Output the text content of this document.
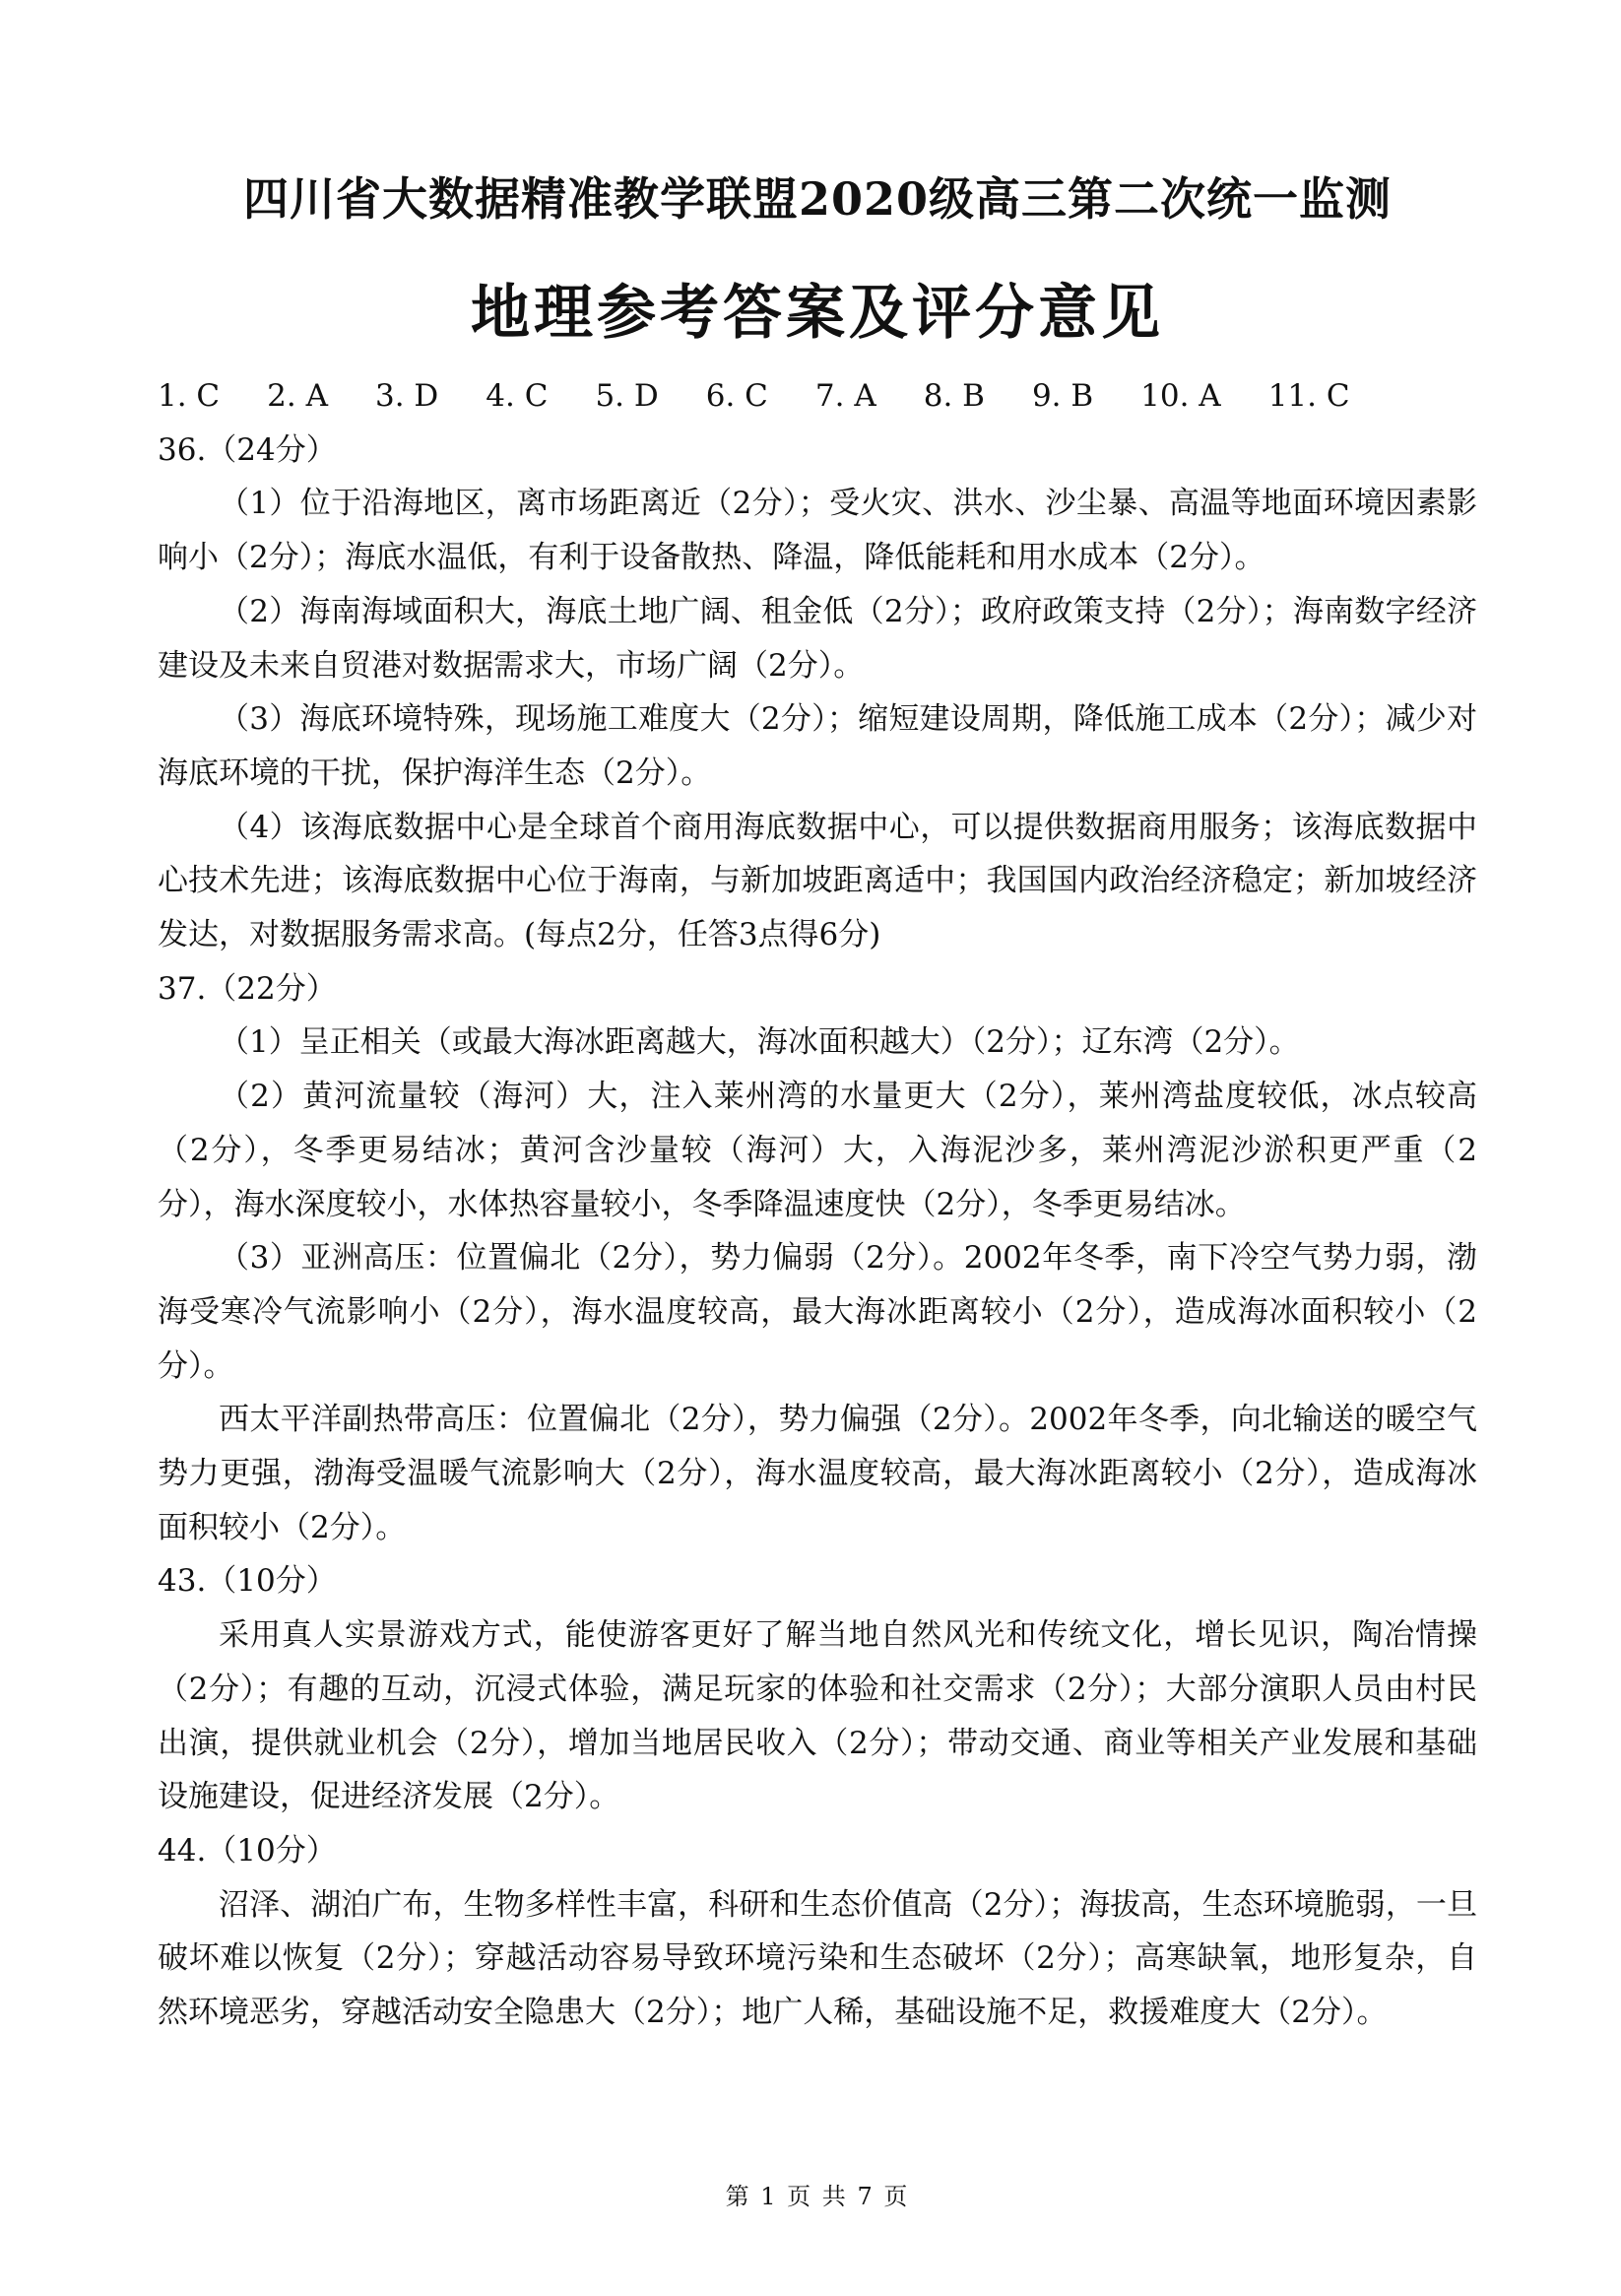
四川省大数据精准教学联盟2020级高三第二次统一监测
地理参考答案及评分意见
1. C 2. A 3. D 4. C 5. D 6. C 7. A 8. B 9. B 10. A 11. C
36.（24分）

（1）位于沿海地区，离市场距离近（2分）；受火灾、洪水、沙尘暴、高温等地面环境因素影响小（2分）；海底水温低，有利于设备散热、降温，降低能耗和用水成本（2分）。

（2）海南海域面积大，海底土地广阔、租金低（2分）；政府政策支持（2分）；海南数字经济建设及未来自贸港对数据需求大，市场广阔（2分）。

（3）海底环境特殊，现场施工难度大（2分）；缩短建设周期，降低施工成本（2分）；减少对海底环境的干扰，保护海洋生态（2分）。

（4）该海底数据中心是全球首个商用海底数据中心，可以提供数据商用服务；该海底数据中心技术先进；该海底数据中心位于海南，与新加坡距离适中；我国国内政治经济稳定；新加坡经济发达，对数据服务需求高。(每点2分，任答3点得6分)

37.（22分）

（1）呈正相关（或最大海冰距离越大，海冰面积越大）（2分）；辽东湾（2分）。

（2）黄河流量较（海河）大，注入莱州湾的水量更大（2分），莱州湾盐度较低，冰点较高（2分），冬季更易结冰；黄河含沙量较（海河）大，入海泥沙多，莱州湾泥沙淤积更严重（2分），海水深度较小，水体热容量较小，冬季降温速度快（2分），冬季更易结冰。

（3）亚洲高压：位置偏北（2分），势力偏弱（2分）。2002年冬季，南下冷空气势力弱，渤海受寒冷气流影响小（2分），海水温度较高，最大海冰距离较小（2分），造成海冰面积较小（2分）。

西太平洋副热带高压：位置偏北（2分），势力偏强（2分）。2002年冬季，向北输送的暖空气势力更强，渤海受温暖气流影响大（2分），海水温度较高，最大海冰距离较小（2分），造成海冰面积较小（2分）。

43.（10分）

采用真人实景游戏方式，能使游客更好了解当地自然风光和传统文化，增长见识，陶冶情操（2分）；有趣的互动，沉浸式体验，满足玩家的体验和社交需求（2分）；大部分演职人员由村民出演，提供就业机会（2分），增加当地居民收入（2分）；带动交通、商业等相关产业发展和基础设施建设，促进经济发展（2分）。

44.（10分）

沼泽、湖泊广布，生物多样性丰富，科研和生态价值高（2分）；海拔高，生态环境脆弱，一旦破坏难以恢复（2分）；穿越活动容易导致环境污染和生态破坏（2分）；高寒缺氧，地形复杂，自然环境恶劣，穿越活动安全隐患大（2分）；地广人稀，基础设施不足，救援难度大（2分）。

第 1 页 共 7 页
